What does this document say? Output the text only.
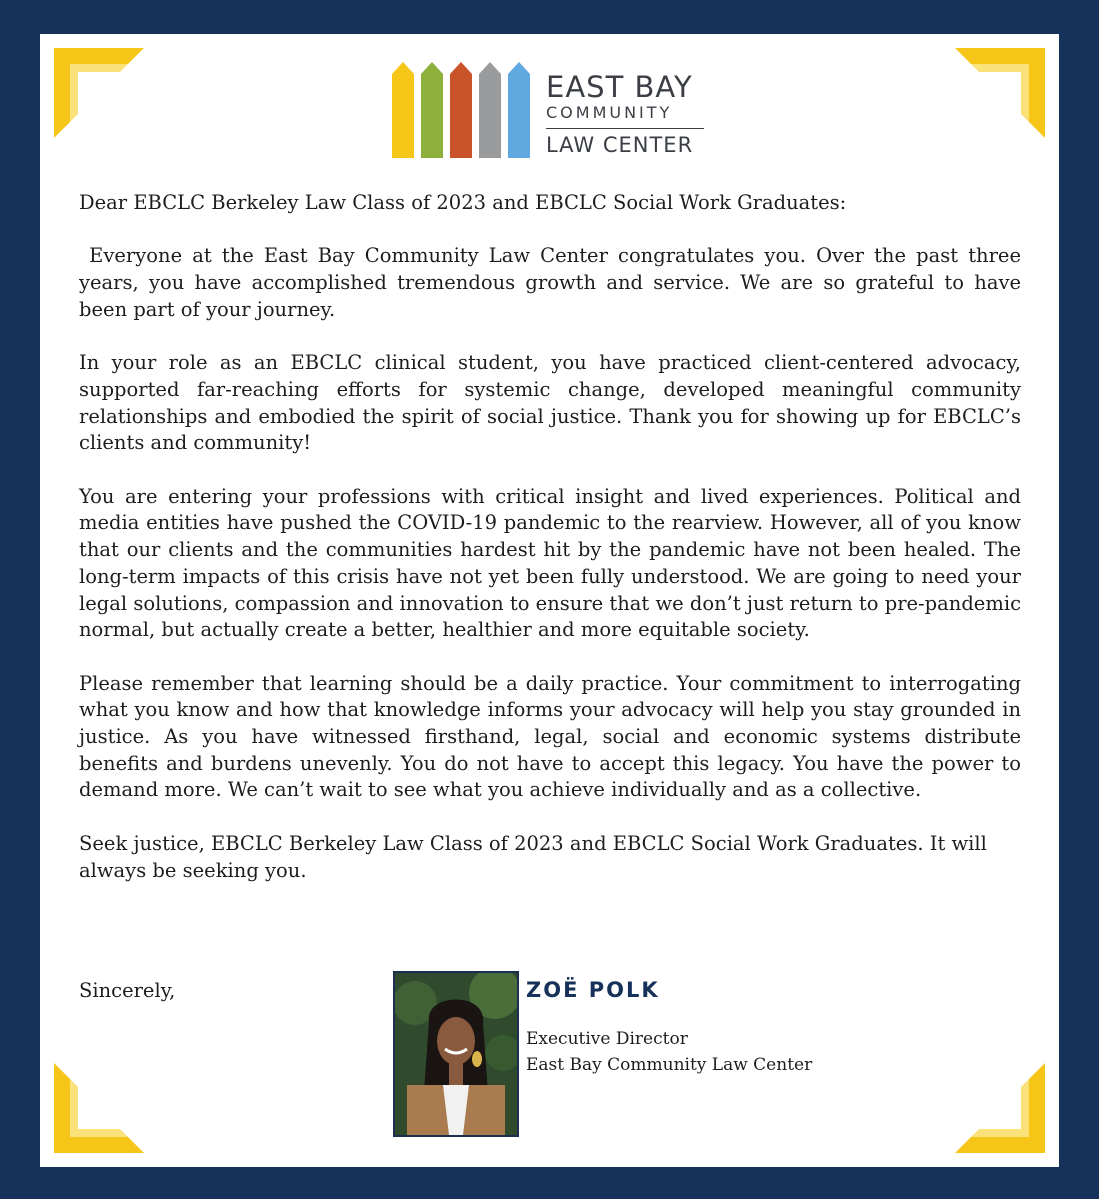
EAST BAY
COMMUNITY
LAW CENTER

Dear EBCLC Berkeley Law Class of 2023 and EBCLC Social Work Graduates:

Everyone at the East Bay Community Law Center congratulates you. Over the past three years, you have accomplished tremendous growth and service. We are so grateful to have been part of your journey.

In your role as an EBCLC clinical student, you have practiced client-centered advocacy, supported far-reaching efforts for systemic change, developed meaningful community relationships and embodied the spirit of social justice. Thank you for showing up for EBCLC’s clients and community!

You are entering your professions with critical insight and lived experiences. Political and media entities have pushed the COVID-19 pandemic to the rearview. However, all of you know that our clients and the communities hardest hit by the pandemic have not been healed. The long-term impacts of this crisis have not yet been fully understood. We are going to need your legal solutions, compassion and innovation to ensure that we don’t just return to pre-pandemic normal, but actually create a better, healthier and more equitable society.

Please remember that learning should be a daily practice. Your commitment to interrogating what you know and how that knowledge informs your advocacy will help you stay grounded in justice. As you have witnessed firsthand, legal, social and economic systems distribute benefits and burdens unevenly. You do not have to accept this legacy. You have the power to demand more. We can’t wait to see what you achieve individually and as a collective.

Seek justice, EBCLC Berkeley Law Class of 2023 and EBCLC Social Work Graduates. It will always be seeking you.

Sincerely,	ZOË POLK
Executive Director
East Bay Community Law Center
